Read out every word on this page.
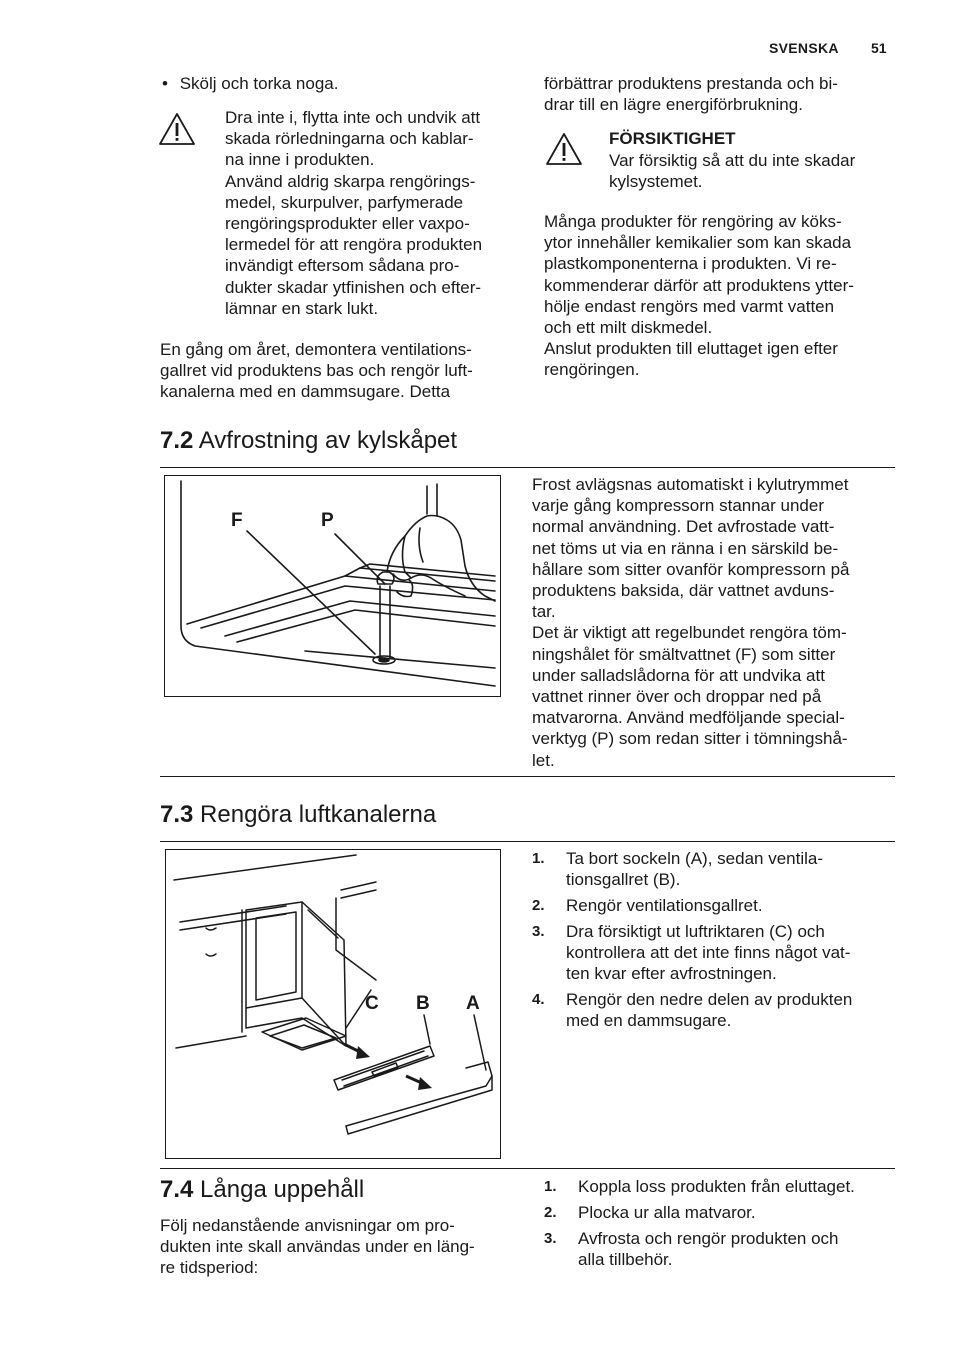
SVENSKA 51
• Skölj och torka noga.
Dra inte i, flytta inte och undvik att
skada rörledningarna och kablar-
na inne i produkten.
Använd aldrig skarpa rengörings-
medel, skurpulver, parfymerade
rengöringsprodukter eller vaxpo-
lermedel för att rengöra produkten
invändigt eftersom sådana pro-
dukter skadar ytfinishen och efter-
lämnar en stark lukt.
En gång om året, demontera ventilations-
gallret vid produktens bas och rengör luft-
kanalerna med en dammsugare. Detta
förbättrar produktens prestanda och bi-
drar till en lägre energiförbrukning.
FÖRSIKTIGHET
Var försiktig så att du inte skadar
kylsystemet.
Många produkter för rengöring av köks-
ytor innehåller kemikalier som kan skada
plastkomponenterna i produkten. Vi re-
kommenderar därför att produktens ytter-
hölje endast rengörs med varmt vatten
och ett milt diskmedel.
Anslut produkten till eluttaget igen efter
rengöringen.
7.2 Avfrostning av kylskåpet
F	P
Frost avlägsnas automatiskt i kylutrymmet
varje gång kompressorn stannar under
normal användning. Det avfrostade vatt-
net töms ut via en ränna i en särskild be-
hållare som sitter ovanför kompressorn på
produktens baksida, där vattnet avduns-
tar.
Det är viktigt att regelbundet rengöra töm-
ningshålet för smältvattnet (F) som sitter
under salladslådorna för att undvika att
vattnet rinner över och droppar ned på
matvarorna. Använd medföljande special-
verktyg (P) som redan sitter i tömningshå-
let.
7.3 Rengöra luftkanalerna
C B A
1. Ta bort sockeln (A), sedan ventila-
tionsgallret (B).
2. Rengör ventilationsgallret.
3. Dra försiktigt ut luftriktaren (C) och
kontrollera att det inte finns något vat-
ten kvar efter avfrostningen.
4. Rengör den nedre delen av produkten
med en dammsugare.
7.4 Långa uppehåll
Följ nedanstående anvisningar om pro-
dukten inte skall användas under en läng-
re tidsperiod:
1. Koppla loss produkten från eluttaget.
2. Plocka ur alla matvaror.
3. Avfrosta och rengör produkten och
alla tillbehör.
